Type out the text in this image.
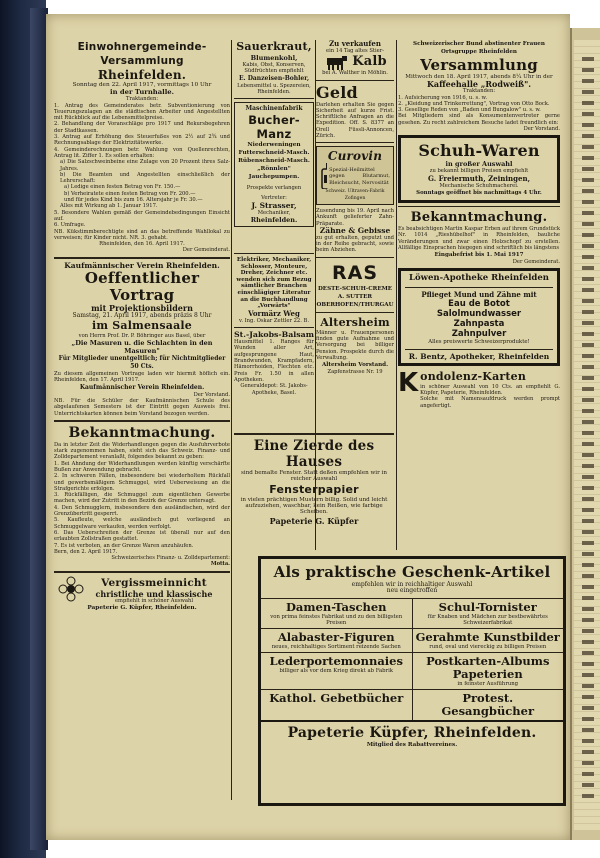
Einwohnergemeinde-Versammlung
Rheinfelden.
Sonntag den 22. April 1917, vormittags 10 Uhr
in der Turnhalle.
Traktanden:
1. Antrag des Gemeinderates betr. Subventionierung von Teuerungszulagen an die städtischen Arbeiter und Angestellten mit Rückblick auf die Lebensmittelpreise.
2. Behandlung der Voranschläge pro 1917 und Rekursbegehren der Stadtkassen.
3. Antrag auf Erhöhung des Steuerfußes von 2½ auf 2¾ und Rechnungsablage der Elektrizitätswerke.
4. Gemeinderechnungen betr. Wahlung von Quellenrechten, Antrag lit. Ziffer 1. Es sollen erhalten:
a) Die Salzschweinbeine eine Zulage von 20 Prozent ihres Salz-Jahres.
b) Die Beamten und Angestellten einschließlich der Lehrerschaft:
a) Ledige einen festen Betrag von Fr. 150.—
b) Verheiratete einen festen Betrag von Fr. 200.—
und für jedes Kind bis zum 16. Altersjahr je Fr. 30.—
Alles mit Wirkung ab 1. Januar 1917.
5. Besondere Wahlen gemäß der Gemeindebedingungen Einsicht auf.
6. Umfrage.
NB. Kükstimmberechtigte sind an das betreffende Wahllokal zu verweisen; für Kinder nicht. NR. 3. gehabt.
Rheinfelden, den 16. April 1917.
Der Gemeinderat.
Kaufmännischer Verein Rheinfelden.
Oeffentlicher Vortrag
mit Projektionsbildern
Samstag, 21. April 1917, abends präzis 8 Uhr
im Salmensaale
von Herrn Prof. Dr. P. Böhringer aus Basel, über
„Die Masuren u. die Schlachten in den Masuren"
Für Mitglieder unentgeltlich; für Nichtmitglieder 50 Cts.
Zu diesem allgemeinen Vortrage laden wir hiermit höflich ein. Rheinfelden, den 17. April 1917.
Kaufmännischer Verein Rheinfelden.
Der Vorstand.
NB. Für die Schüler der Kaufmännischen Schule des abgelaufenen Semesters ist der Eintritt gegen Ausweis frei. Unterrichtskarten können beim Vorstand bezogen werden.
Bekanntmachung.
Da in letzter Zeit die Widerhandlungen gegen die Ausfuhrverbote stark zugenommen haben, sieht sich das Schweiz. Finanz- und Zolldepartement veranlaßt, folgendes bekannt zu geben:
1. Bei Ahndung der Widerhandlungen werden künftig verschärfte Bußen zur Anwendung gebracht.
2. In schweren Fällen, insbesondere bei wiederholtem Rückfall und gewerbsmäßigem Schmuggel, wird Ueberweisung an die Strafgerichte erfolgen.
3. Rückfälligen, die Schmuggel zum eigentlichen Gewerbe machen, wird der Zutritt in den Bezirk der Grenze untersagt.
4. Den Schmugglern, insbesondere den ausländischen, wird der Grenzübertritt gesperrt.
5. Kaufleute, welche ausländisch gut vorliegend an Schmuggelware verkaufen, werden verfolgt.
6. Das Ueberschreiten der Grenze ist überall nur auf den erlaubten Zollstraßen gestattet.
7. Es ist verboten, an der Grenze Waren anzuhäufen.
Bern, den 2. April 1917.
Schweizerisches Finanz- u. Zolldepartement:
Motta.
Vergissmeinnicht
christliche und klassische
empfiehlt in schöner Auswahl
Papeterie G. Küpfer, Rheinfelden.
Sauerkraut,
Blumenkohl,
Kabis, Obst, Konserven,
Südfrüchten empfiehlt
E. Danzeisen-Bohler,
Lebensmittel u. Spezereien,
Rheinfelden.
Maschinenfabrik
Bucher-Manz
Niederweningen
Futterschneid-Masch.
Rübenschneid-Masch.
„Rönnlen"
Jauchepumpen.
Prospekte verlangen
Vertreter:
J. Strasser,
Mechaniker,
Rheinfelden.
Elektriker, Mechaniker, Schlosser, Monteure, Dreher, Zeichner etc. wenden sich zum Bezug sämtlicher Branchen einschlägiger Literatur an die Buchhandlung „Vorwärts"
Vormärz Weg
v. Ing. Oskar Zettler 22. B.
St.-Jakobs-Balsam
Hausmittel 1. Ranges für Wunden aller Art, aufgesprungene Haut, Brandwunden, Krampfadern, Hämorrhoiden, Flechten etc. Preis Fr. 1.50 in allen Apotheken.
Generaldepot: St. Jakobs-Apotheke, Basel.
Zu verkaufen
ein 14 Tag altes Stier-
Kalb
bei A. Walther in Möhlin.
Geld
Darlehen erhalten Sie gegen Sicherheit auf kurze Frist. Schriftliche Anfragen an die Expedition. Off. S. 8377 an Orell Füssli-Annoncen, Zürich.
Curovin
Spezial-Heilmittel gegen Blutarmut, Bleichsucht, Nervosität
Schweiz. Ultraven-Fabrik Zofingen
Zusendung bis 19. April nach Ankunft gelieferter Zahn-Präparate.
Zähne & Gebisse
zu gut erhalten, geputzt und in der Reihe gebracht, sowie beim Abziehen.
RAS
DESTE-SCHUH-CREME
A. SUTTER
OBERHOFEN/THURGAU
Altersheim
Männer u. Frauenpersonen finden gute Aufnahme und Versorgung bei billiger Pension. Prospekte durch die Verwaltung.
Altersheim Vorstand.
Zapfenstrasse Nr. 19
Schweizerischer Bund abstinenter Frauen Ortsgruppe Rheinfelden
Versammlung
Mittwoch den 18. April 1917, abends 8¼ Uhr in der
Kaffeehalle „Rodweiß".
Traktanden:
1. Aufsicherung von 1916, u. s. w.
2. „Kleidung und Trinkerrettung", Vortrag von Otto Bock.
3. Gesellige Reden von „Baden und Bungalow" u. s. w.
Bei Mitgliedern sind als Konsumentenvertreter gerne gesehen. Zu recht zahlreichem Besuche ladet freundlich ein:
Der Vorstand.
Schuh-Waren
in großer Auswahl
zu bekannt billigen Preisen empfiehlt
G. Freiermuth, Zeiningen,
Mechanische Schuhmacherei.
Sonntags geöffnet bis nachmittags 4 Uhr.
Bekanntmachung.
Es beabsichtigen Martin Kaspar Erben auf ihrem Grundstück Nr. 1014 „Rieshübelhof" in Rheinfelden, bauliche Veränderungen und zwar einen Holzschopf zu erstellen. Allfällige Einsprachen hiegegen sind schriftlich bis längstens
Eingabefrist bis 1. Mai 1917
Der Gemeinderat.
Löwen-Apotheke Rheinfelden
Pflieget Mund und Zähne mit
Eau de Botot
Salolmundwasser
Zahnpasta
Zahnpulver
Alles preiswerte Schweizerprodukte!
R. Bentz, Apotheker, Rheinfelden
K ondolenz-Karten
in schöner Auswahl von 10 Cts. an empfiehlt G. Küpfer, Papeterie, Rheinfelden.
Solche mit Namensaufdruck werden prompt angefertigt.
Eine Zierde des Hauses
sind bemalte Fenster. Statt deßen empfehlen wir in reicher Auswahl
Fensterpapier
in vielen prächtigen Mustern billig. Solid und leicht aufzuziehen, waschbar, kein Reißen, wie farbige Scheiben.
Papeterie G. Küpfer
Als praktische Geschenk-Artikel
empfehlen wir in reichhaltiger Auswahl
neu eingetroffen
Damen-Taschen
von prima feinstes Fabrikat und zu den billigsten Preisen
Schul-Tornister
für Knaben und Mädchen zur bestbewährtes Schweizerfabrikat
Alabaster-Figuren
neues, reichhaltiges Sortiment reizende Sachen
Gerahmte Kunstbilder
rund, oval und viereckig zu billigen Preisen
Lederportemonnaies
billiger als vor dem Krieg direkt ab Fabrik
Postkarten-Albums
Papeterien
in feinster Ausführung
Kathol. Gebetbücher	Protest. Gesangbücher
Papeterie Küpfer, Rheinfelden.
Mitglied des Rabattvereines.
